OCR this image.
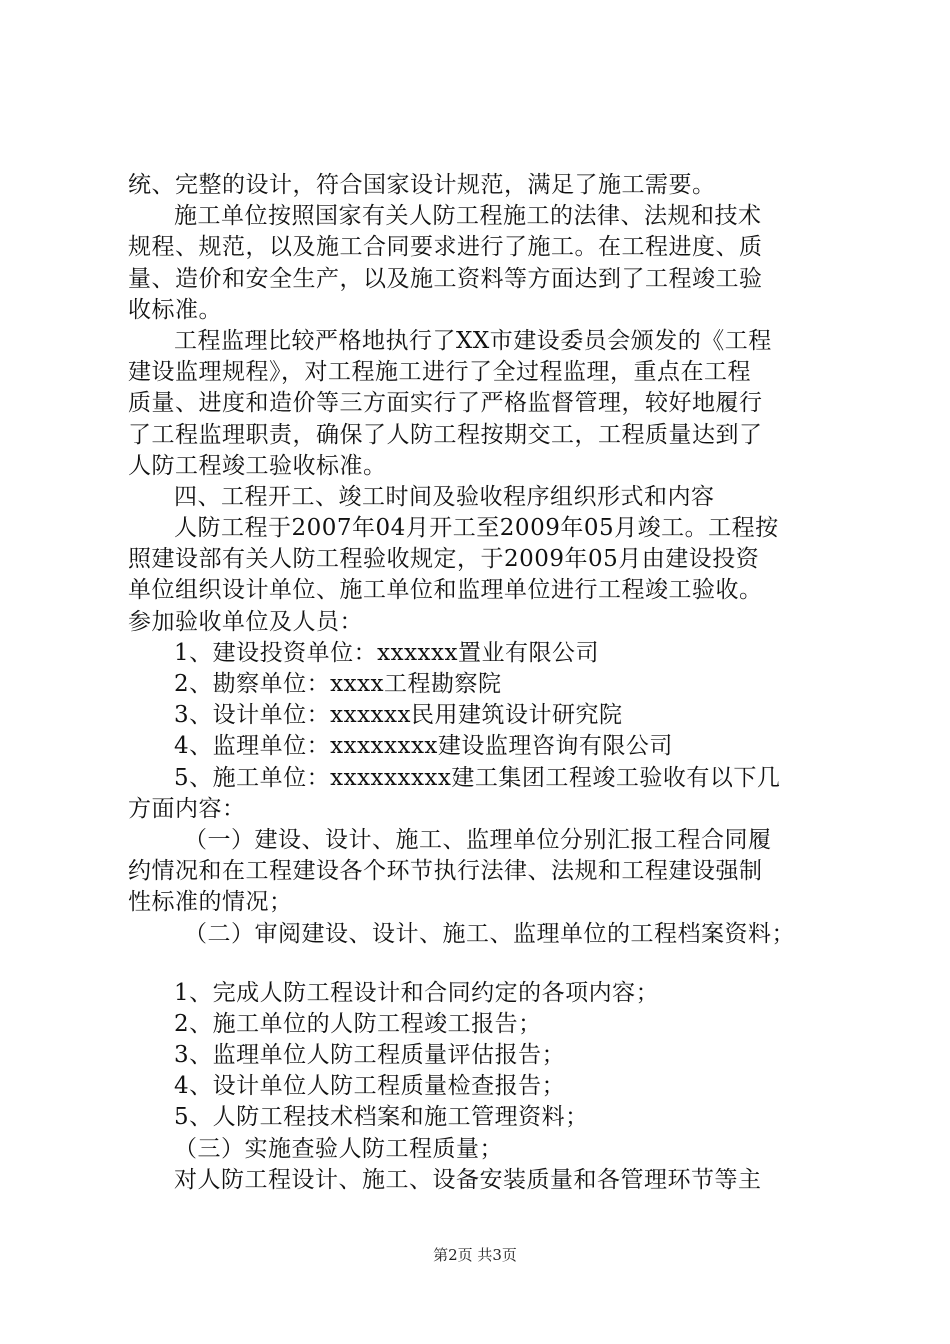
统、完整的设计，符合国家设计规范，满足了施工需要。
施工单位按照国家有关人防工程施工的法律、法规和技术
规程、规范，以及施工合同要求进行了施工。在工程进度、质
量、造价和安全生产，以及施工资料等方面达到了工程竣工验
收标准。
工程监理比较严格地执行了XX市建设委员会颁发的《工程
建设监理规程》，对工程施工进行了全过程监理，重点在工程
质量、进度和造价等三方面实行了严格监督管理，较好地履行
了工程监理职责，确保了人防工程按期交工，工程质量达到了
人防工程竣工验收标准。
四、工程开工、竣工时间及验收程序组织形式和内容
人防工程于2007年04月开工至2009年05月竣工。工程按
照建设部有关人防工程验收规定，于2009年05月由建设投资
单位组织设计单位、施工单位和监理单位进行工程竣工验收。
参加验收单位及人员：
1、建设投资单位：xxxxxx置业有限公司
2、勘察单位：xxxx工程勘察院
3、设计单位：xxxxxx民用建筑设计研究院
4、监理单位：xxxxxxxx建设监理咨询有限公司
5、施工单位：xxxxxxxxx建工集团工程竣工验收有以下几
方面内容：
（一）建设、设计、施工、监理单位分别汇报工程合同履
约情况和在工程建设各个环节执行法律、法规和工程建设强制
性标准的情况；
（二）审阅建设、设计、施工、监理单位的工程档案资料；
1、完成人防工程设计和合同约定的各项内容；
2、施工单位的人防工程竣工报告；
3、监理单位人防工程质量评估报告；
4、设计单位人防工程质量检查报告；
5、人防工程技术档案和施工管理资料；
（三）实施查验人防工程质量；
对人防工程设计、施工、设备安装质量和各管理环节等主
第2页 共3页
